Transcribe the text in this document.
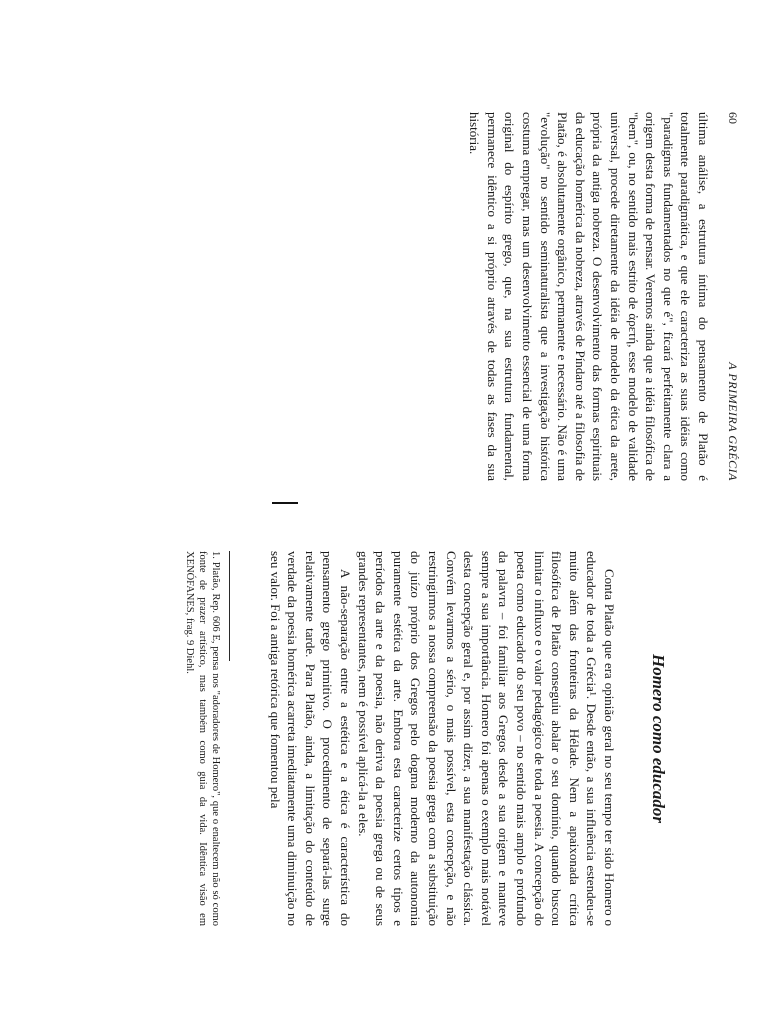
60
A PRIMEIRA GRÉCIA

última análise, a estrutura íntima do pensamento de Platão é totalmente paradigmática, e que ele caracteriza as suas idéias como "paradigmas fundamentados no que é", ficará perfeitamente clara a origem desta forma de pensar. Veremos ainda que a idéia filosófica de "bem", ou, no sentido mais estrito de ἀρετή, esse modelo de validade universal, procede diretamente da idéia de modelo da ética da arete, própria da antiga nobreza. O desenvolvimento das formas espirituais da educação homérica da nobreza, através de Píndaro até a filosofia de Platão, é absolutamente orgânico, permanente e necessário. Não é uma "evolução" no sentido seminaturalista que a investigação histórica costuma empregar, mas um desenvolvimento essencial de uma forma original do espírito grego, que, na sua estrutura fundamental, permanece idêntico a si próprio através de todas as fases da sua história.

Homero como educador

Conta Platão que era opinião geral no seu tempo ter sido Homero o educador de toda a Grécia¹. Desde então, a sua influência estendeu-se muito além das fronteiras da Hélade. Nem a apaixonada crítica filosófica de Platão conseguiu abalar o seu domínio, quando buscou limitar o influxo e o valor pedagógico de toda a poesia. A concepção do poeta como educador do seu povo – no sentido mais amplo e profundo da palavra – foi familiar aos Gregos desde a sua origem e manteve sempre a sua importância. Homero foi apenas o exemplo mais notável desta concepção geral e, por assim dizer, a sua manifestação clássica. Convém levarmos a sério, o mais possível, esta concepção, e não restringirmos a nossa compreensão da poesia grega com a substituição do juízo próprio dos Gregos pelo dogma moderno da autonomia puramente estética da arte. Embora esta caracterize certos tipos e períodos da arte e da poesia, não deriva da poesia grega ou de seus grandes representantes, nem é possível aplicá-la a eles.

A não-separação entre a estética e a ética é característica do pensamento grego primitivo. O procedimento de separá-las surge relativamente tarde. Para Platão, ainda, a limitação do conteúdo de verdade da poesia homérica acarreta imediatamente uma diminuição no seu valor. Foi a antiga retórica que fomentou pela

1. Platão, Rep. 606 E, pensa nos "adoradores de Homero", que o enaltecem não só como fonte de prazer artístico, mas também como guia da vida. Idêntica visão em XENÓFANES, frag. 9 Diehl.
